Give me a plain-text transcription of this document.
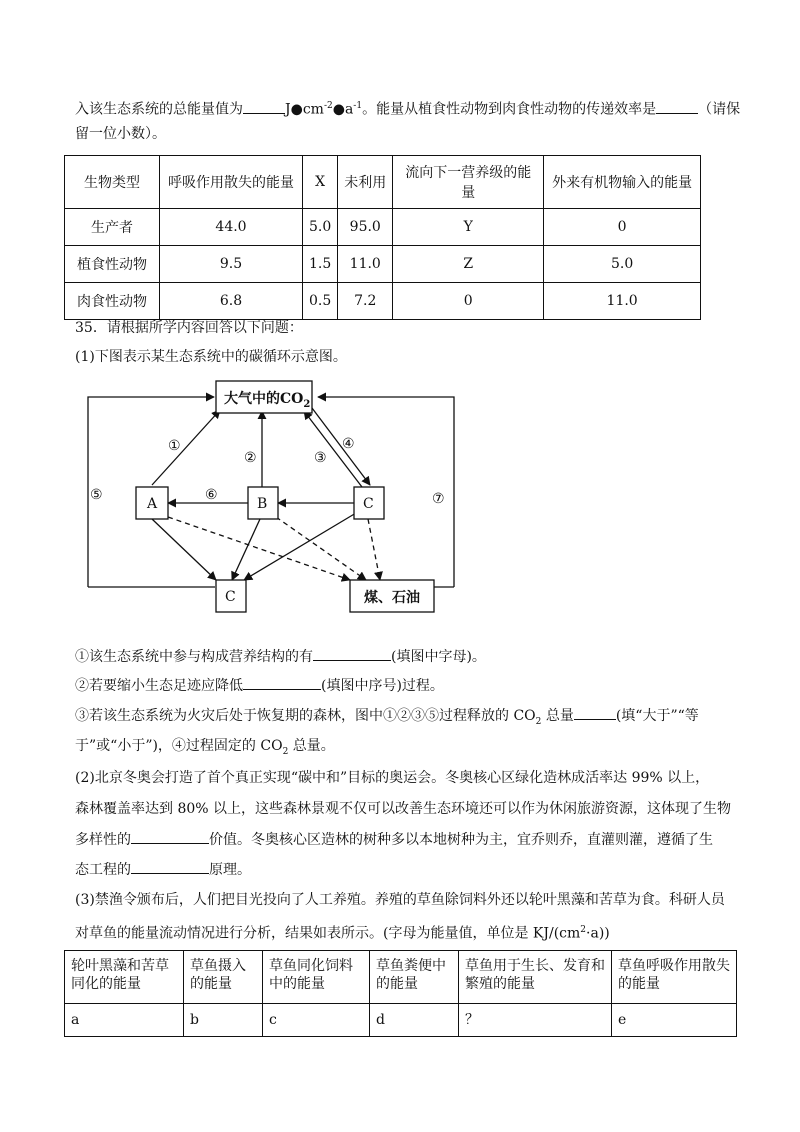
入该生态系统的总能量值为	$J●cm^{-2}●a^{-1}$。能量从植食性动物到肉食性动物的传递效率是	（请保
留一位小数）。
生物类型	呼吸作用散失的能量	X	未利用	流向下一营养级的能量	外来有机物输入的能量
生产者	44.0	5.0	95.0	Y	0
植食性动物	9.5	1.5	11.0	Z	5.0
肉食性动物	6.8	0.5	7.2	0	11.0
35．请根据所学内容回答以下问题：
(1)下图表示某生态系统中的碳循环示意图。
大气中的$CO_2$
A	B	C
C	煤、石油
①
②	③
④
⑤	⑥	⑦
①该生态系统中参与构成营养结构的有	(填图中字母)。
②若要缩小生态足迹应降低	(填图中序号)过程。
③若该生态系统为火灾后处于恢复期的森林，图中①②③⑤过程释放的 $CO_2$ 总量	(填“大于”“等
于”或“小于”)，④过程固定的 $CO_2$ 总量。
(2)北京冬奥会打造了首个真正实现“碳中和”目标的奥运会。冬奥核心区绿化造林成活率达 99% 以上，
森林覆盖率达到 80% 以上，这些森林景观不仅可以改善生态环境还可以作为休闲旅游资源，这体现了生物
多样性的	价值。冬奥核心区造林的树种多以本地树种为主，宜乔则乔，直灌则灌，遵循了生
态工程的	原理。
(3)禁渔令颁布后，人们把目光投向了人工养殖。养殖的草鱼除饲料外还以轮叶黑藻和苦草为食。科研人员
对草鱼的能量流动情况进行分析，结果如表所示。(字母为能量值，单位是 $KJ/(cm^2\cdot a)$)
轮叶黑藻和苦草同化的能量	草鱼摄入的能量	草鱼同化饲料中的能量	草鱼粪便中的能量	草鱼用于生长、发育和繁殖的能量	草鱼呼吸作用散失的能量
a	b	c	d	？	e
